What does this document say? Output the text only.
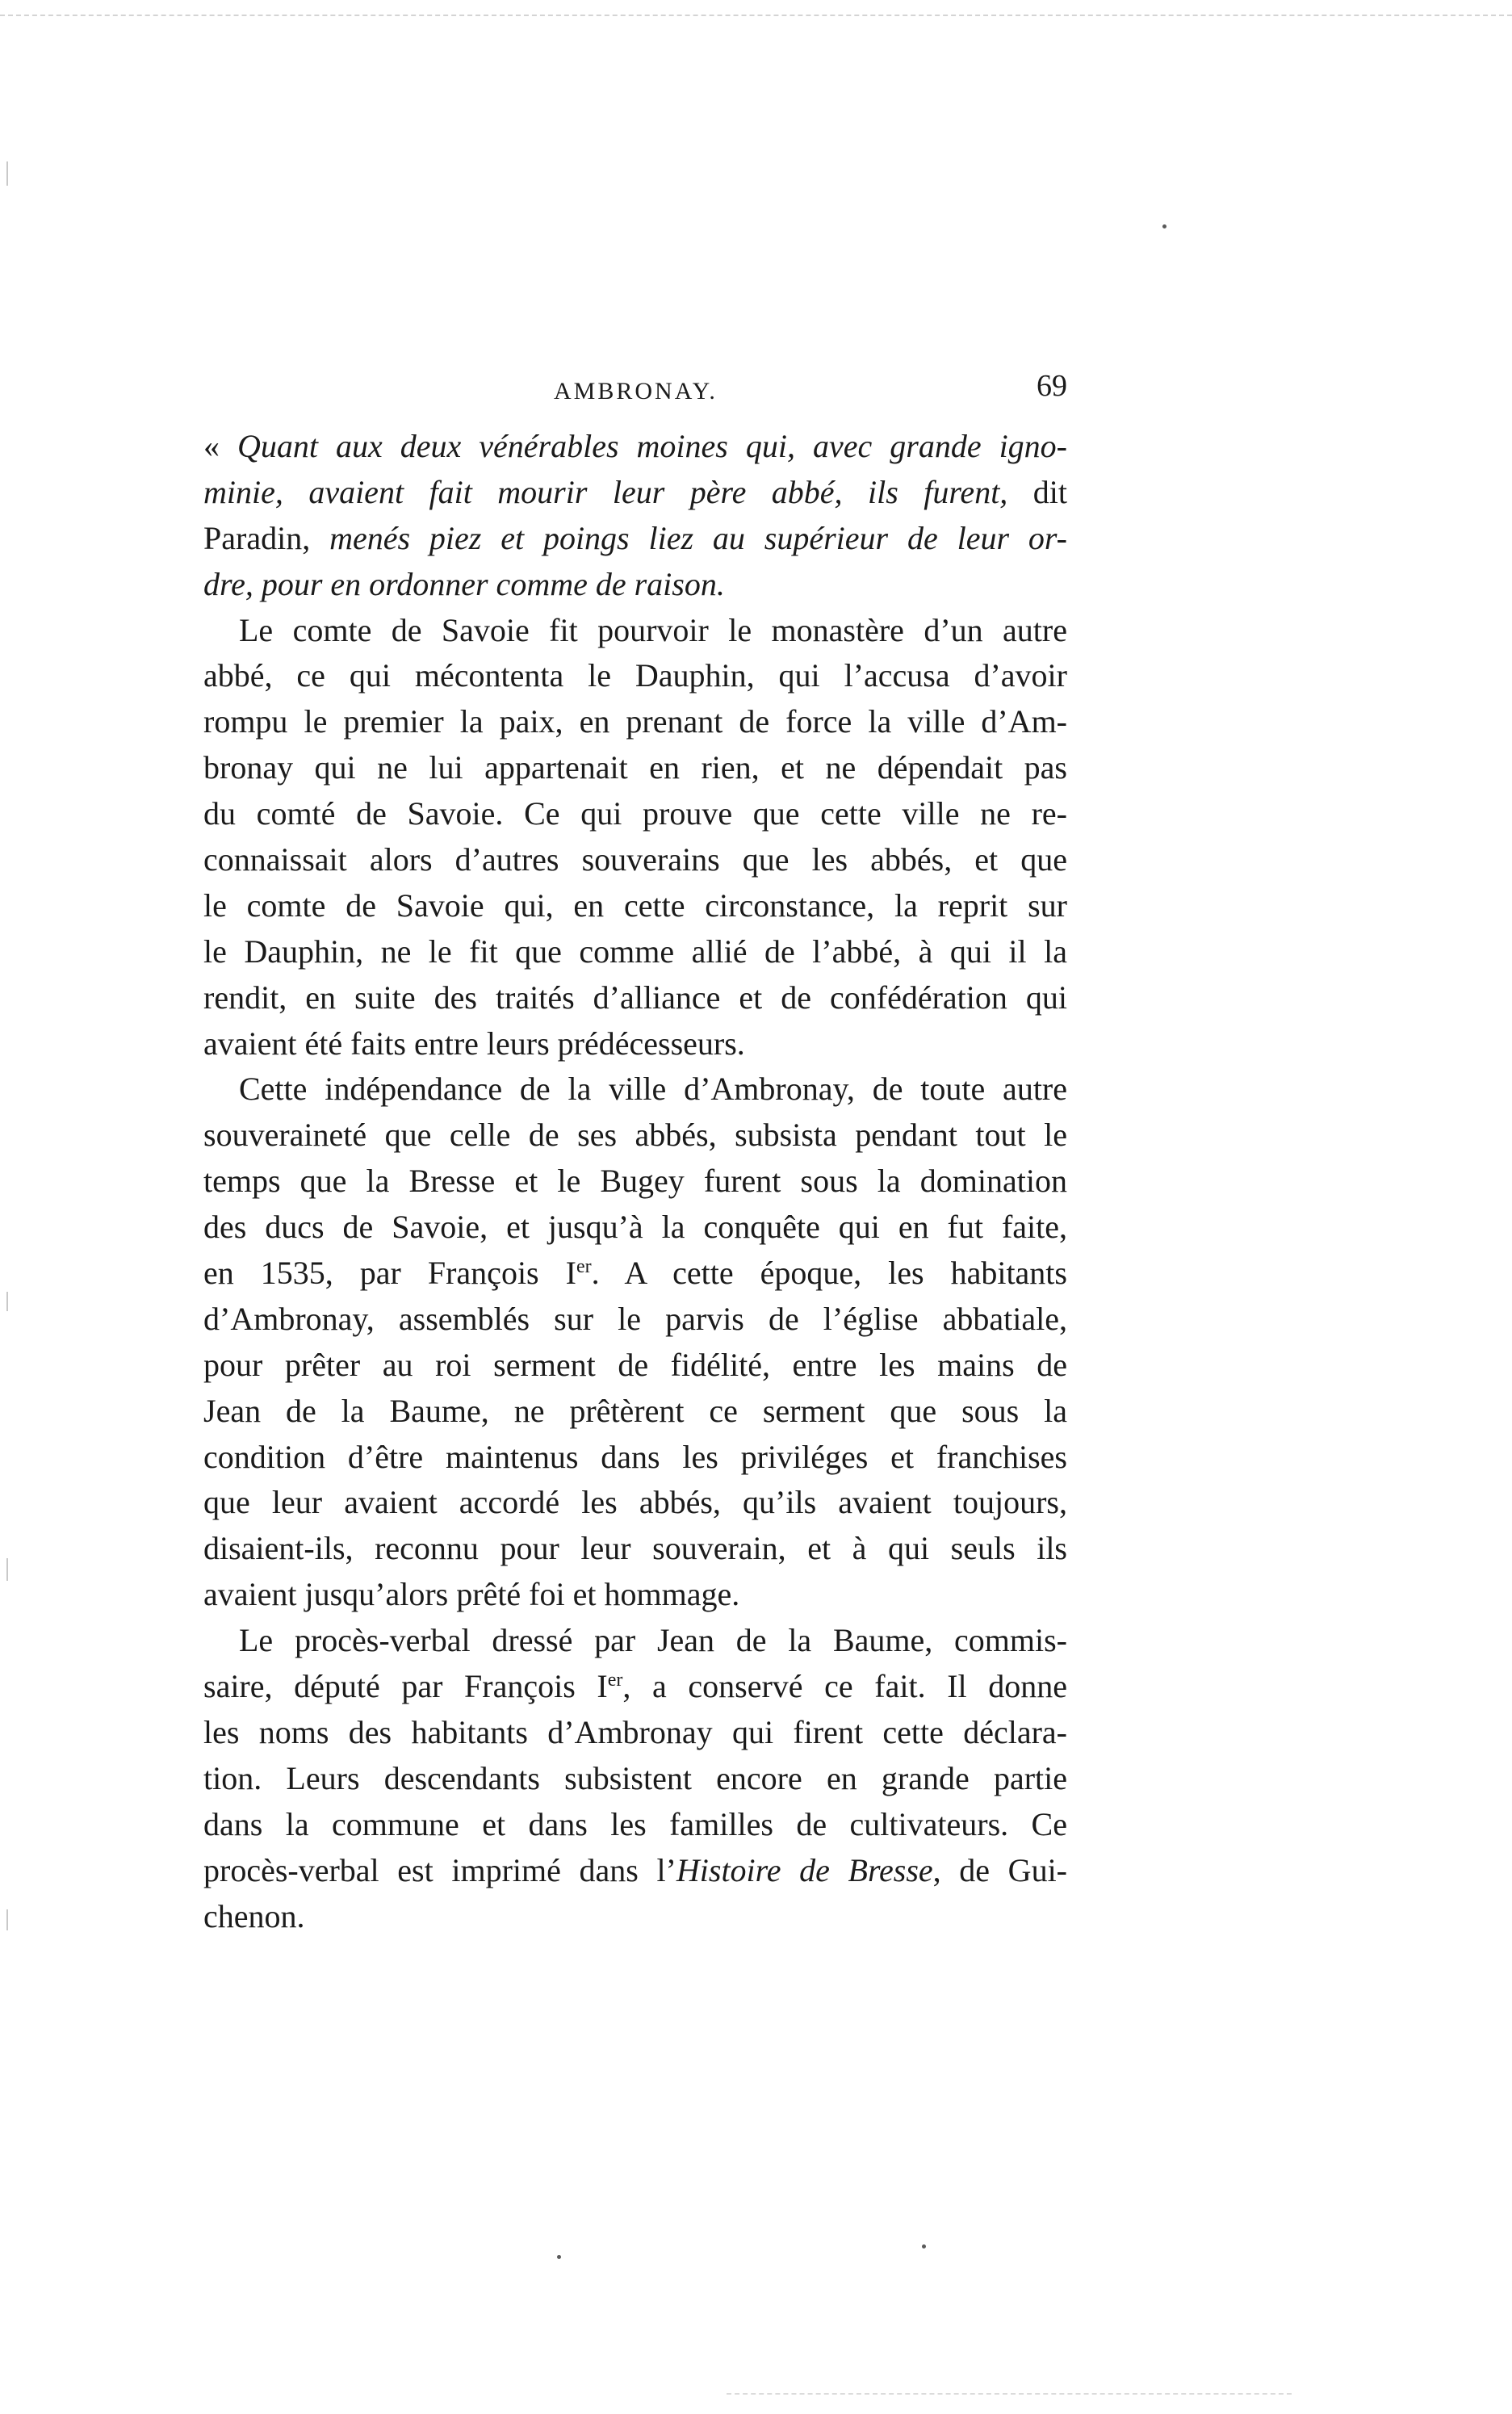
AMBRONAY.	69
« Quant aux deux vénérables moines qui, avec grande igno-
minie, avaient fait mourir leur père abbé, ils furent, dit
Paradin, menés piez et poings liez au supérieur de leur or-
dre, pour en ordonner comme de raison.
Le comte de Savoie fit pourvoir le monastère d’un autre
abbé, ce qui mécontenta le Dauphin, qui l’accusa d’avoir
rompu le premier la paix, en prenant de force la ville d’Am-
bronay qui ne lui appartenait en rien, et ne dépendait pas
du comté de Savoie. Ce qui prouve que cette ville ne re-
connaissait alors d’autres souverains que les abbés, et que
le comte de Savoie qui, en cette circonstance, la reprit sur
le Dauphin, ne le fit que comme allié de l’abbé, à qui il la
rendit, en suite des traités d’alliance et de confédération qui
avaient été faits entre leurs prédécesseurs.
Cette indépendance de la ville d’Ambronay, de toute autre
souveraineté que celle de ses abbés, subsista pendant tout le
temps que la Bresse et le Bugey furent sous la domination
des ducs de Savoie, et jusqu’à la conquête qui en fut faite,
en 1535, par François Ier. A cette époque, les habitants
d’Ambronay, assemblés sur le parvis de l’église abbatiale,
pour prêter au roi serment de fidélité, entre les mains de
Jean de la Baume, ne prêtèrent ce serment que sous la
condition d’être maintenus dans les priviléges et franchises
que leur avaient accordé les abbés, qu’ils avaient toujours,
disaient-ils, reconnu pour leur souverain, et à qui seuls ils
avaient jusqu’alors prêté foi et hommage.
Le procès-verbal dressé par Jean de la Baume, commis-
saire, député par François Ier, a conservé ce fait. Il donne
les noms des habitants d’Ambronay qui firent cette déclara-
tion. Leurs descendants subsistent encore en grande partie
dans la commune et dans les familles de cultivateurs. Ce
procès-verbal est imprimé dans l’Histoire de Bresse, de Gui-
chenon.
